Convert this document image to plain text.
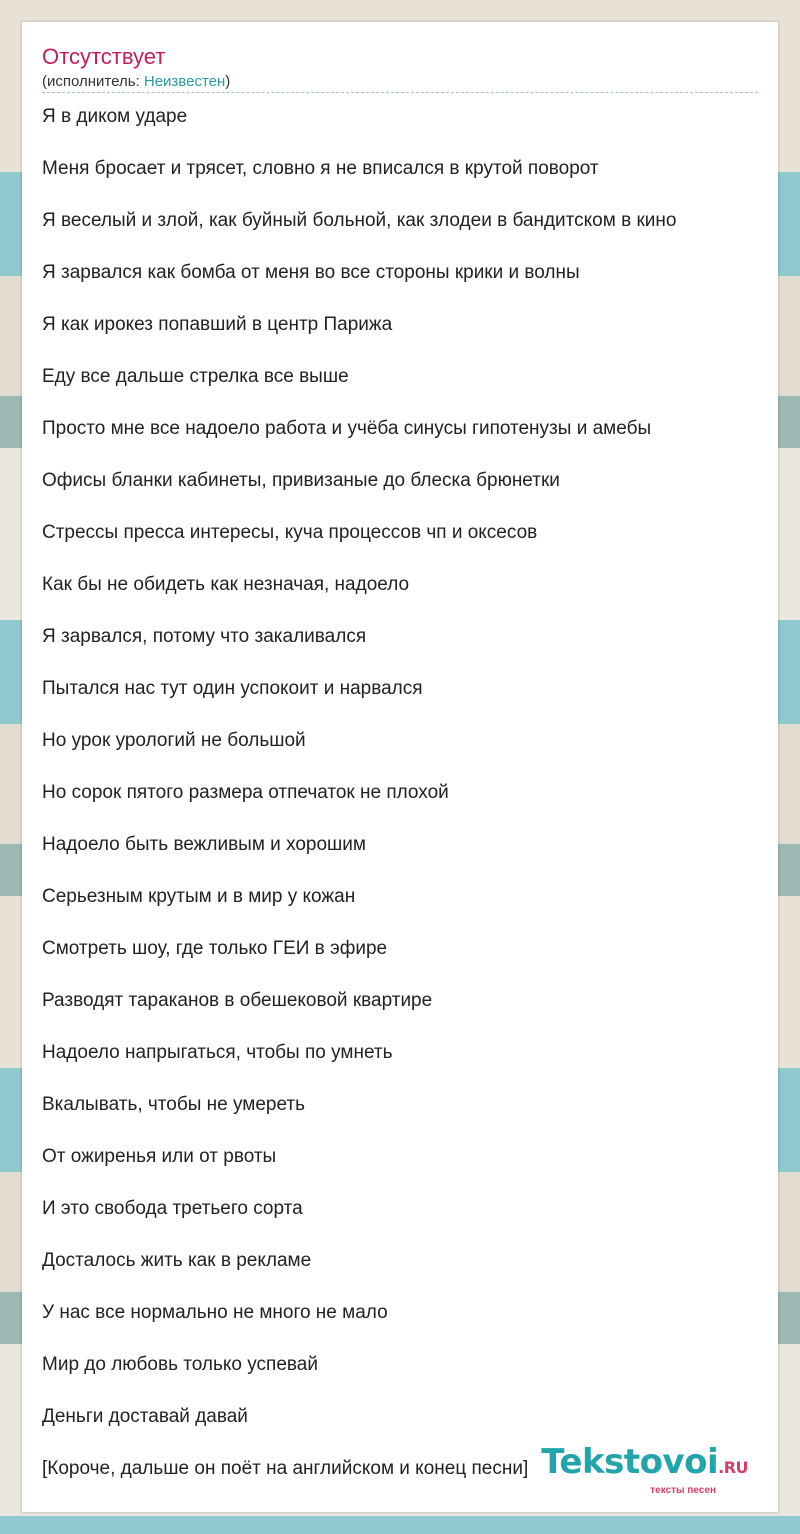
Отсутствует
(исполнитель: Неизвестен)
Я в диком ударе
Меня бросает и трясет, словно я не вписался в крутой поворот
Я веселый и злой, как буйный больной, как злодеи в бандитском в кино
Я зарвался как бомба от меня во все стороны крики и волны
Я как ирокез попавший в центр Парижа
Еду все дальше стрелка все выше
Просто мне все надоело работа и учёба синусы гипотенузы и амебы
Офисы бланки кабинеты, привизаные до блеска брюнетки
Стрессы пресса интересы, куча процессов чп и оксесов
Как бы не обидеть как незначая, надоело
Я зарвался, потому что закаливался
Пытался нас тут один успокоит и нарвался
Но урок урологий не большой
Но сорок пятого размера отпечаток не плохой
Надоело быть вежливым и хорошим
Серьезным крутым и в мир у кожан
Смотреть шоу, где только ГЕИ в эфире
Разводят тараканов в обешековой квартире
Надоело напрыгаться, чтобы по умнеть
Вкалывать, чтобы не умереть
От ожиренья или от рвоты
И это свобода третьего сорта
Досталось жить как в рекламе
У нас все нормально не много не мало
Мир до любовь только успевай
Деньги доставай давай
[Короче, дальше он поёт на английском и конец песни] Tekstovoi.RU
тексты песен
